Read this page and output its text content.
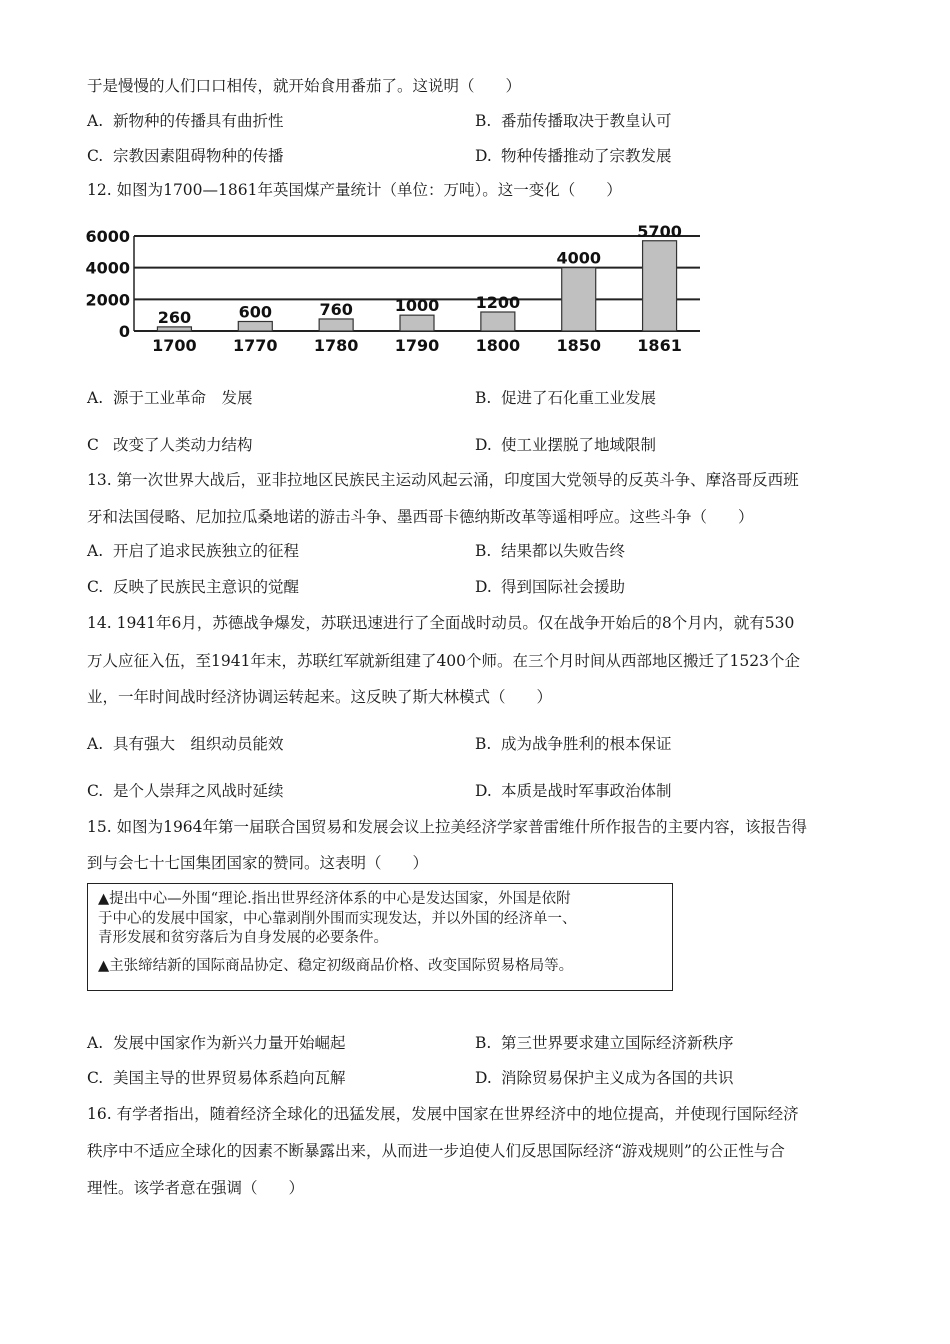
于是慢慢的人们口口相传，就开始食用番茄了。这说明（　　）
A. 新物种的传播具有曲折性	B. 番茄传播取决于教皇认可
C. 宗教因素阻碍物种的传播	D. 物种传播推动了宗教发展
12. 如图为1700—1861年英国煤产量统计（单位：万吨）。这一变化（　　）
0
2000
4000
6000
260	600	760	1000 1200
4000
5700
1700 1770 1780 1790 1800 1850 1861
A. 源于工业革命　发展	B. 促进了石化重工业发展
C 改变了人类动力结构	D. 使工业摆脱了地域限制
13. 第一次世界大战后，亚非拉地区民族民主运动风起云涌，印度国大党领导的反英斗争、摩洛哥反西班
牙和法国侵略、尼加拉瓜桑地诺的游击斗争、墨西哥卡德纳斯改革等遥相呼应。这些斗争（　　）
A. 开启了追求民族独立的征程	B. 结果都以失败告终
C. 反映了民族民主意识的觉醒	D. 得到国际社会援助
14. 1941年6月，苏德战争爆发，苏联迅速进行了全面战时动员。仅在战争开始后的8个月内，就有530
万人应征入伍，至1941年末，苏联红军就新组建了400个师。在三个月时间从西部地区搬迁了1523个企
业，一年时间战时经济协调运转起来。这反映了斯大林模式（　　）
A. 具有强大　组织动员能效	B. 成为战争胜利的根本保证
C. 是个人崇拜之风战时延续	D. 本质是战时军事政治体制
15. 如图为1964年第一届联合国贸易和发展会议上拉美经济学家普雷维什所作报告的主要内容，该报告得
到与会七十七国集团国家的赞同。这表明（　　）

▲提出中心—外围“理论.指出世界经济体系的中心是发达国家，外国是依附

于中心的发展中国家，中心靠剥削外围而实现发达，并以外国的经济单一、

青形发展和贫穷落后为自身发展的必要条件。

▲主张缔结新的国际商品协定、稳定初级商品价格、改变国际贸易格局等。

A. 发展中国家作为新兴力量开始崛起	B. 第三世界要求建立国际经济新秩序
C. 美国主导的世界贸易体系趋向瓦解	D. 消除贸易保护主义成为各国的共识
16. 有学者指出，随着经济全球化的迅猛发展，发展中国家在世界经济中的地位提高，并使现行国际经济
秩序中不适应全球化的因素不断暴露出来，从而进一步迫使人们反思国际经济“游戏规则”的公正性与合
理性。该学者意在强调（　　）
